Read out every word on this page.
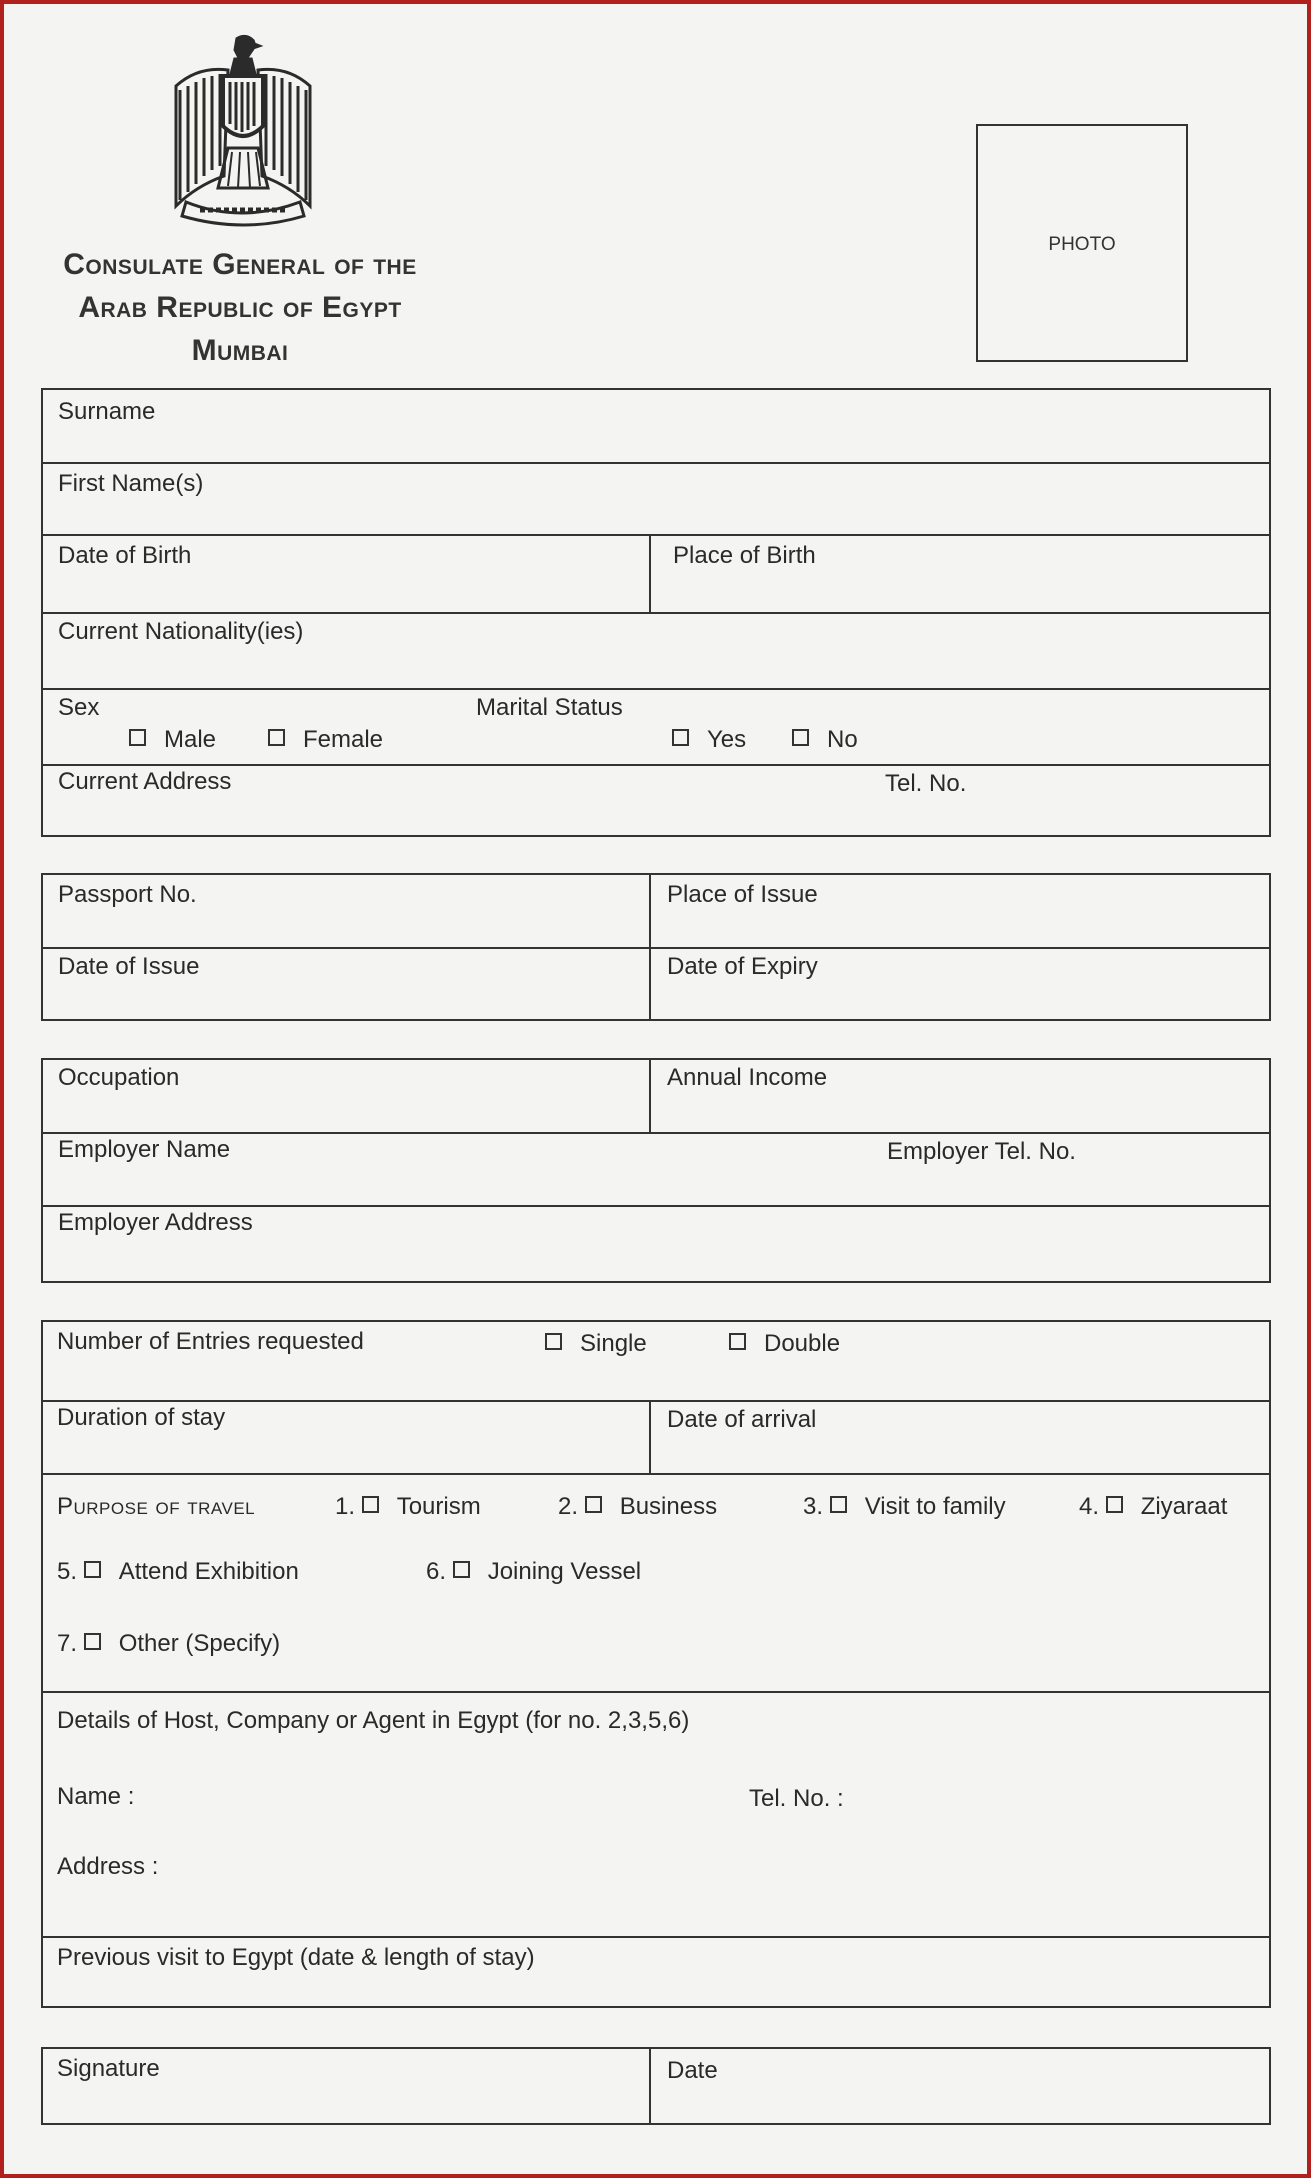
Consulate General of the
Arab Republic of Egypt
Mumbai
PHOTO
Surname
First Name(s)
Date of Birth	Place of Birth
Current Nationality(ies)
Sex
Male	Female
Marital Status
Yes	No
Current Address	Tel. No.
Passport No.	Place of Issue
Date of Issue	Date of Expiry
Occupation	Annual Income
Employer Name	Employer Tel. No.
Employer Address
Number of Entries requested	Single	Double
Duration of stay	Date of arrival
Purpose of travel	1. Tourism	2. Business	3. Visit to family	4. Ziyaraat
5. Attend Exhibition	6. Joining Vessel
7. Other (Specify)
Details of Host, Company or Agent in Egypt (for no. 2,3,5,6)
Name :	Tel. No. :
Address :
Previous visit to Egypt (date & length of stay)
Signature	Date
